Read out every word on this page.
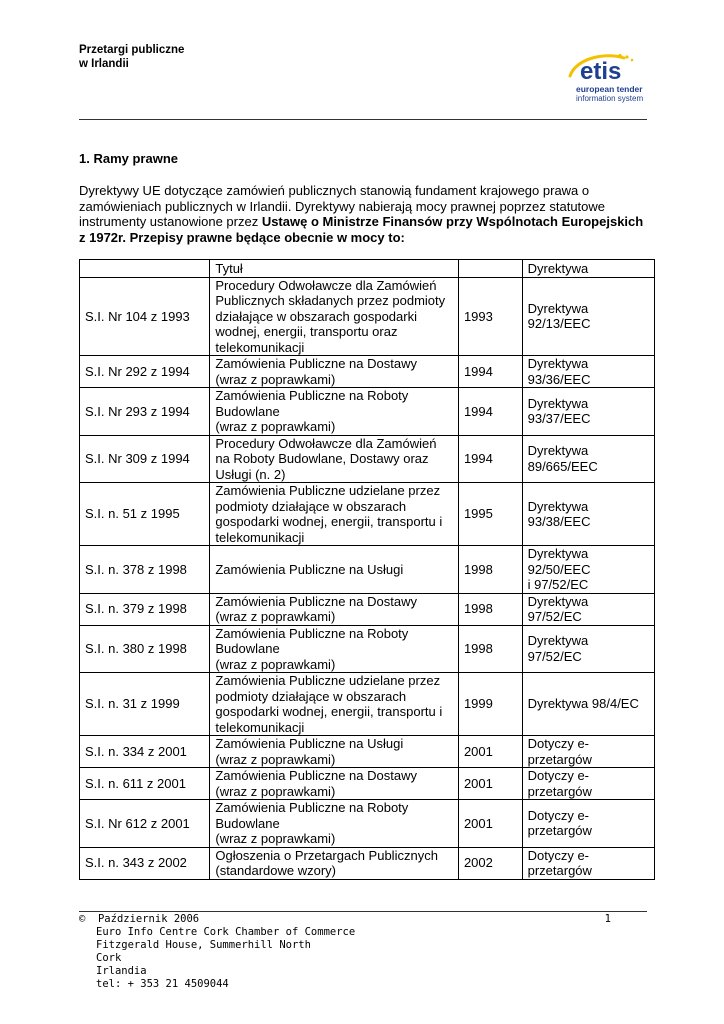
Przetargi publiczne
w Irlandii	etis
european tender
information system
1. Ramy prawne
Dyrektywy UE dotyczące zamówień publicznych stanowią fundament krajowego prawa o zamówieniach publicznych w Irlandii. Dyrektywy nabierają mocy prawnej poprzez statutowe instrumenty ustanowione przez Ustawę o Ministrze Finansów przy Wspólnotach Europejskich z 1972r. Przepisy prawne będące obecnie w mocy to:
	Tytuł		Dyrektywa
S.I. Nr 104 z 1993	Procedury Odwoławcze dla Zamówień
Publicznych składanych przez podmioty
działające w obszarach gospodarki
wodnej, energii, transportu oraz
telekomunikacji	1993	Dyrektywa
92/13/EEC

S.I. Nr 292 z 1994	Zamówienia Publiczne na Dostawy
(wraz z poprawkami)	1994	Dyrektywa
93/36/EEC

S.I. Nr 293 z 1994	Zamówienia Publiczne na Roboty
Budowlane
(wraz z poprawkami)	1994	Dyrektywa
93/37/EEC

S.I. Nr 309 z 1994	Procedury Odwoławcze dla Zamówień
na Roboty Budowlane, Dostawy oraz
Usługi (n. 2)	1994	Dyrektywa
89/665/EEC

S.I. n. 51 z 1995	Zamówienia Publiczne udzielane przez
podmioty działające w obszarach
gospodarki wodnej, energii, transportu i
telekomunikacji	1995	Dyrektywa
93/38/EEC

S.I. n. 378 z 1998	Zamówienia Publiczne na Usługi	1998	Dyrektywa
92/50/EEC
i 97/52/EC

S.I. n. 379 z 1998	Zamówienia Publiczne na Dostawy
(wraz z poprawkami)	1998	Dyrektywa
97/52/EC

S.I. n. 380 z 1998	Zamówienia Publiczne na Roboty
Budowlane
(wraz z poprawkami)	1998	Dyrektywa
97/52/EC

S.I. n. 31 z 1999	Zamówienia Publiczne udzielane przez
podmioty działające w obszarach
gospodarki wodnej, energii, transportu i
telekomunikacji	1999	Dyrektywa 98/4/EC

S.I. n. 334 z 2001	Zamówienia Publiczne na Usługi
(wraz z poprawkami)	2001	Dotyczy e-
przetargów

S.I. n. 611 z 2001	Zamówienia Publiczne na Dostawy
(wraz z poprawkami)	2001	Dotyczy e-
przetargów

S.I. Nr 612 z 2001	Zamówienia Publiczne na Roboty
Budowlane
(wraz z poprawkami)	2001	Dotyczy e-
przetargów

S.I. n. 343 z 2002	Ogłoszenia o Przetargach Publicznych
(standardowe wzory)	2002	Dotyczy e-
przetargów
© Październik 2006	1
Euro Info Centre Cork Chamber of Commerce
Fitzgerald House, Summerhill North
Cork
Irlandia
tel: + 353 21 4509044
